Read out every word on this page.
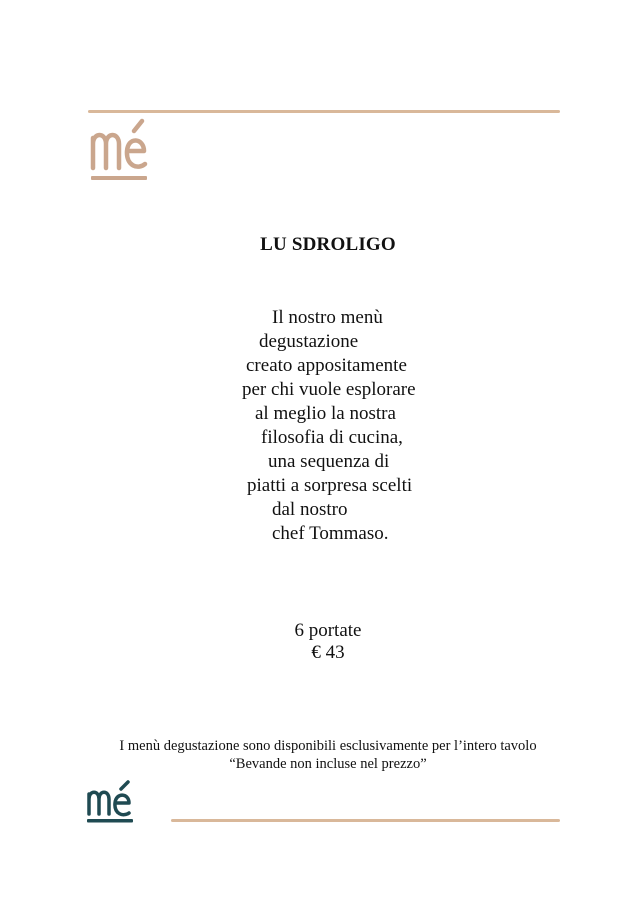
LU SDROLIGO
Il nostro menù
degustazione
creato appositamente
per chi vuole esplorare
al meglio la nostra
filosofia di cucina,
una sequenza di
piatti a sorpresa scelti
dal nostro
chef Tommaso.
6 portate
€ 43
I menù degustazione sono disponibili esclusivamente per l’intero tavolo
“Bevande non incluse nel prezzo”
